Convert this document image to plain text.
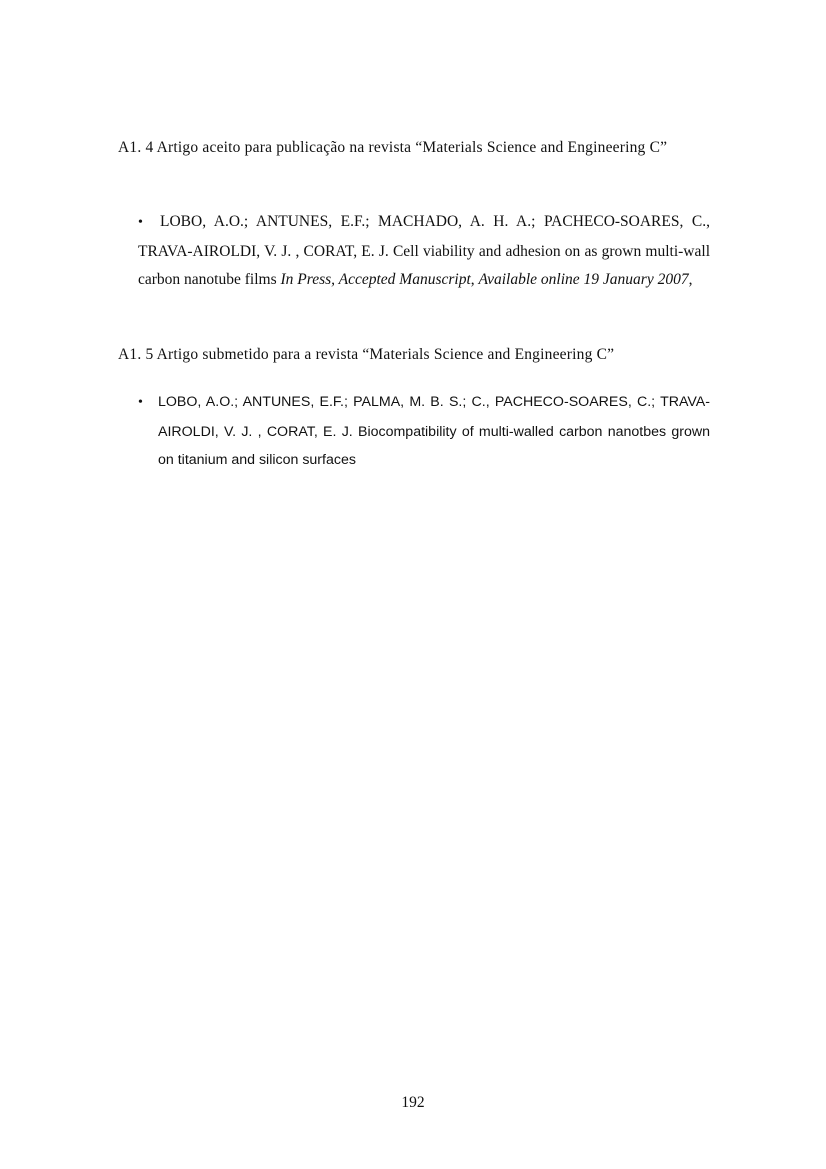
A1. 4 Artigo aceito para publicação na revista “Materials Science and Engineering C”
• LOBO, A.O.; ANTUNES, E.F.; MACHADO, A. H. A.; PACHECO-SOARES, C., TRAVA-AIROLDI, V. J. , CORAT, E. J. Cell viability and adhesion on as grown multi-wall carbon nanotube films In Press, Accepted Manuscript, Available online 19 January 2007,
A1. 5 Artigo submetido para a revista “Materials Science and Engineering C”
• LOBO, A.O.; ANTUNES, E.F.; PALMA, M. B. S.; C., PACHECO-SOARES, C.; TRAVA-AIROLDI, V. J. , CORAT, E. J. Biocompatibility of multi-walled carbon nanotbes grown on titanium and silicon surfaces
192
